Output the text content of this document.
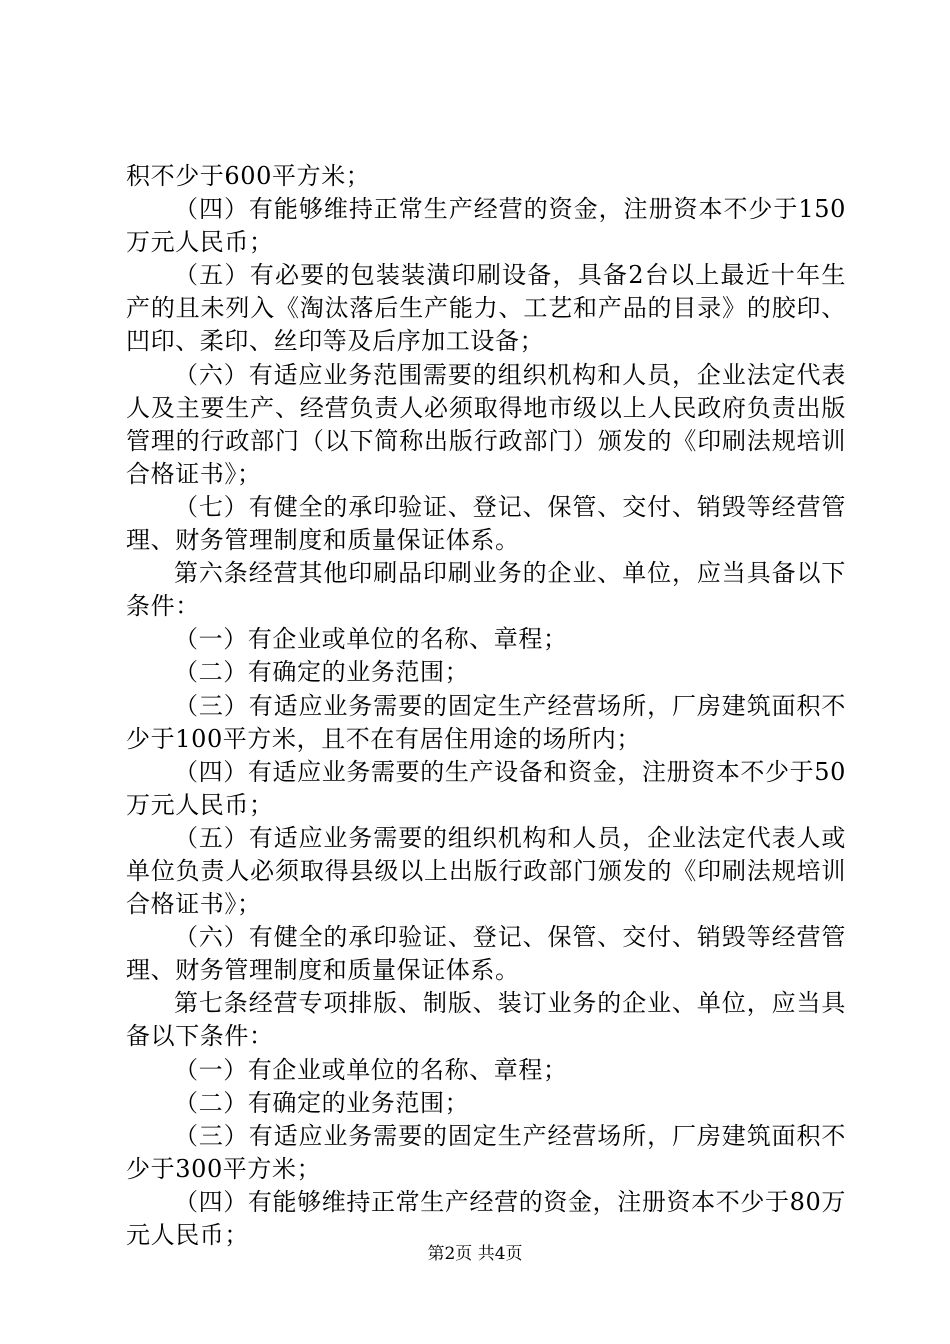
积不少于600平方米；

（四）有能够维持正常生产经营的资金，注册资本不少于150万元人民币；

（五）有必要的包装装潢印刷设备，具备2台以上最近十年生产的且未列入《淘汰落后生产能力、工艺和产品的目录》的胶印、凹印、柔印、丝印等及后序加工设备；

（六）有适应业务范围需要的组织机构和人员，企业法定代表人及主要生产、经营负责人必须取得地市级以上人民政府负责出版管理的行政部门（以下简称出版行政部门）颁发的《印刷法规培训合格证书》；

（七）有健全的承印验证、登记、保管、交付、销毁等经营管理、财务管理制度和质量保证体系。

第六条经营其他印刷品印刷业务的企业、单位，应当具备以下条件：

（一）有企业或单位的名称、章程；

（二）有确定的业务范围；

（三）有适应业务需要的固定生产经营场所，厂房建筑面积不少于100平方米，且不在有居住用途的场所内；

（四）有适应业务需要的生产设备和资金，注册资本不少于50万元人民币；

（五）有适应业务需要的组织机构和人员，企业法定代表人或单位负责人必须取得县级以上出版行政部门颁发的《印刷法规培训合格证书》；

（六）有健全的承印验证、登记、保管、交付、销毁等经营管理、财务管理制度和质量保证体系。

第七条经营专项排版、制版、装订业务的企业、单位，应当具备以下条件：

（一）有企业或单位的名称、章程；

（二）有确定的业务范围；

（三）有适应业务需要的固定生产经营场所，厂房建筑面积不少于300平方米；

（四）有能够维持正常生产经营的资金，注册资本不少于80万元人民币；

第2页 共4页
